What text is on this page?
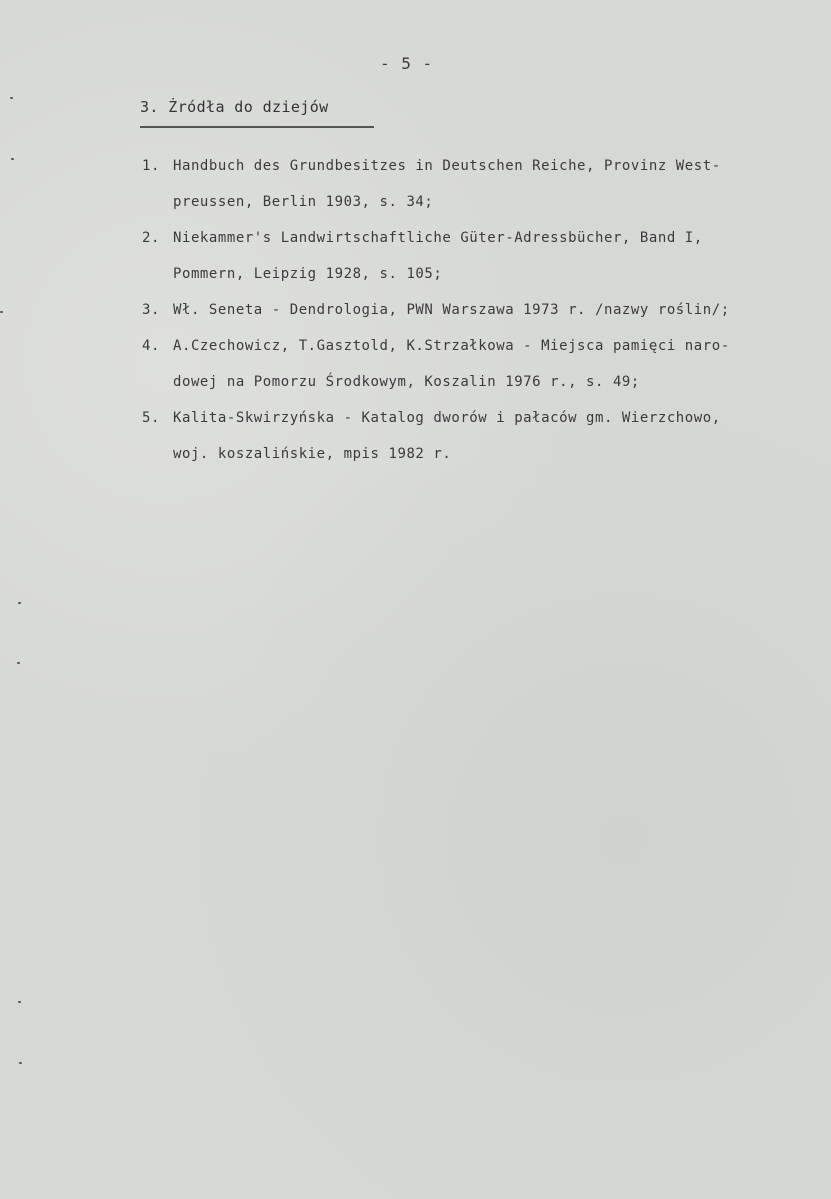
- 5 -
3. Żródła do dziejów
1. Handbuch des Grundbesitzes in Deutschen Reiche, Provinz West-
preussen, Berlin 1903, s. 34;
2. Niekammer's Landwirtschaftliche Güter-Adressbücher, Band I,
Pommern, Leipzig 1928, s. 105;
3. Wł. Seneta - Dendrologia, PWN Warszawa 1973 r. /nazwy roślin/;
4. A.Czechowicz, T.Gasztold, K.Strzałkowa - Miejsca pamięci naro-
dowej na Pomorzu Środkowym, Koszalin 1976 r., s. 49;
5. Kalita-Skwirzyńska - Katalog dworów i pałaców gm. Wierzchowo,
woj. koszalińskie, mpis 1982 r.
